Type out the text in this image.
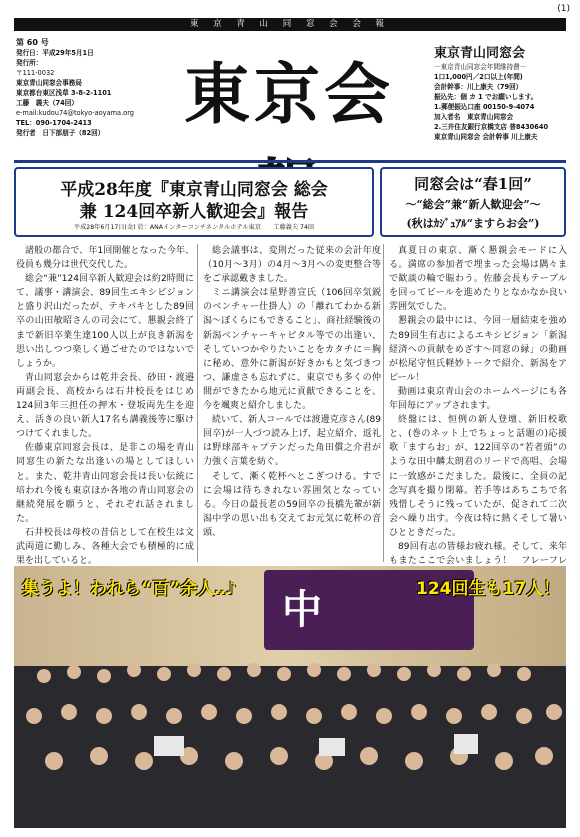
(1)
東 京 青 山 同 窓 会 会 報
第 60 号
発行日：平成29年5月1日
発行所：
〒111-0032
東京青山同窓会事務局
東京都台東区浅草 3-8-2-1101
工藤　義夫（74回）
e-mail:kudou74@tokyo-aoyama.org
TEL：090-1704-2413
発行者　日下部朋子（82回）	東京会
東京青山同窓会
－東京青山同窓会年間維持費－
1口1,000円／2口以上(年間)
会計幹事：川上康夫（79回）
振込先：個 カ 1 でお願いします。
1.郵便振込口座 00150-9-4074
加入者名　東京青山同窓会
2.三井住友銀行京橋支店 普8430640
東京青山同窓会 会計幹事 川上康夫
平成28年度『東京青山同窓会 総会
兼 124回卒新人歓迎会』報告
平成28年6月17日(金) 於：ANAインターコンチネンタルホテル東京　　工藤義夫 74回
同窓会は“春1回”
～“総会”兼“新人歓迎会”～
(秋はｶｼﾞｭｱﾙ“ますらお会”)

諸般の都合で、年1回開催となった今年、役員も幾分は世代交代した。

総会“兼”124回卒新人歓迎会は約2時間にて、議事・講演会、89回生エキシビジョンと盛り沢山だったが、テキパキとした89回卒の山田敏昭さんの司会にて、懇親会終了まで新旧卒業生達100人以上が良き新潟を思い出しつつ楽しく過ごせたのではないでしょうか。

青山同窓会からは乾井会長、砂田・渡邉両副会長、高校からは石井校長をはじめ124回3年三担任の押木・登坂両先生を迎え、活きの良い新人17名も講義後等に駆けつけてくれました。

佐藤東京同窓会長は、是非この場を青山同窓生の新たな出逢いの場としてほしいと。また、乾井青山同窓会長は長い伝統に培われ今後も東京ほか各地の青山同窓会の継続発展を願うと、それぞれ話されました。

石井校長は母校の昔信として在校生は文武両道に勤しみ、各種大会でも積極的に成果を出していると。

総会議事は、変則だった従来の会計年度（10月～3月）の4月～3月への変更整合等をご承認戴きました。

ミニ講演会は星野善宣氏（106回卒気鋭のベンチャー仕掛人）の「離れてわかる新潟～ぼくらにもできること」、商社経験後の新潟ベンチャーキャピタル等での出逢い、そしていつかやりたいことをカタチに＝胸に秘め、意外に新潟が好きかもと気づきつつ、謙虚さも忘れずに、東京でも多くの仲間ができたから地元に貢献できることを、今を颯爽と紹介しました。

続いて、新人コールでは渡邊克彦さん(89回卒)が一人づつ読み上げ、起立紹介、返礼は野球部キャプテンだった角田償之介君が力強く言葉を紡ぐ。

そして、漸く乾杯へとこぎつける。すでに会場は待ちきれない雰囲気となっている。今日の最長老の59回卒の長橋先輩が新潟中学の思い出も交えてお元気に乾杯の音頭、

真夏日の東京、漸く懇親会モードに入る。満席の参加者で埋まった会場は隅々まで歓談の輪で賑わう。佐藤会長もテーブルを回ってビールを進めたりとなかなか良い雰囲気でした。

懇親会の最中には、今回一層結束を強めた89回生有志によるエキシビジョン「新潟経済への貢献をめざす～同窓の縁」の動画が松尾守恒氏軽妙トークで紹介、新潟をアピール！

動画は東京青山会のホームページにも各年回毎にアップされます。

終盤には、恒例の新人登壇、新旧校歌と、(巻のネット上でちょっと話題の)応援歌「ますらお」が、122回卒の“若者頭”のような田中麟太朗君のリードで高唱、会場に一致感がこだました。最後に、全員の記念写真を撮り閉幕。若手等はあちこちで名残惜しそうに残っていたが、促されて二次会へ繰り出す。今夜は特に熱くそして暑いひとときだった。

89回有志の皆様お疲れ様。そして、来年もまたここで会いましょう！　フレーフレ　　

中
集うよ！われら“百”余人‥♪	124回生も17人！
